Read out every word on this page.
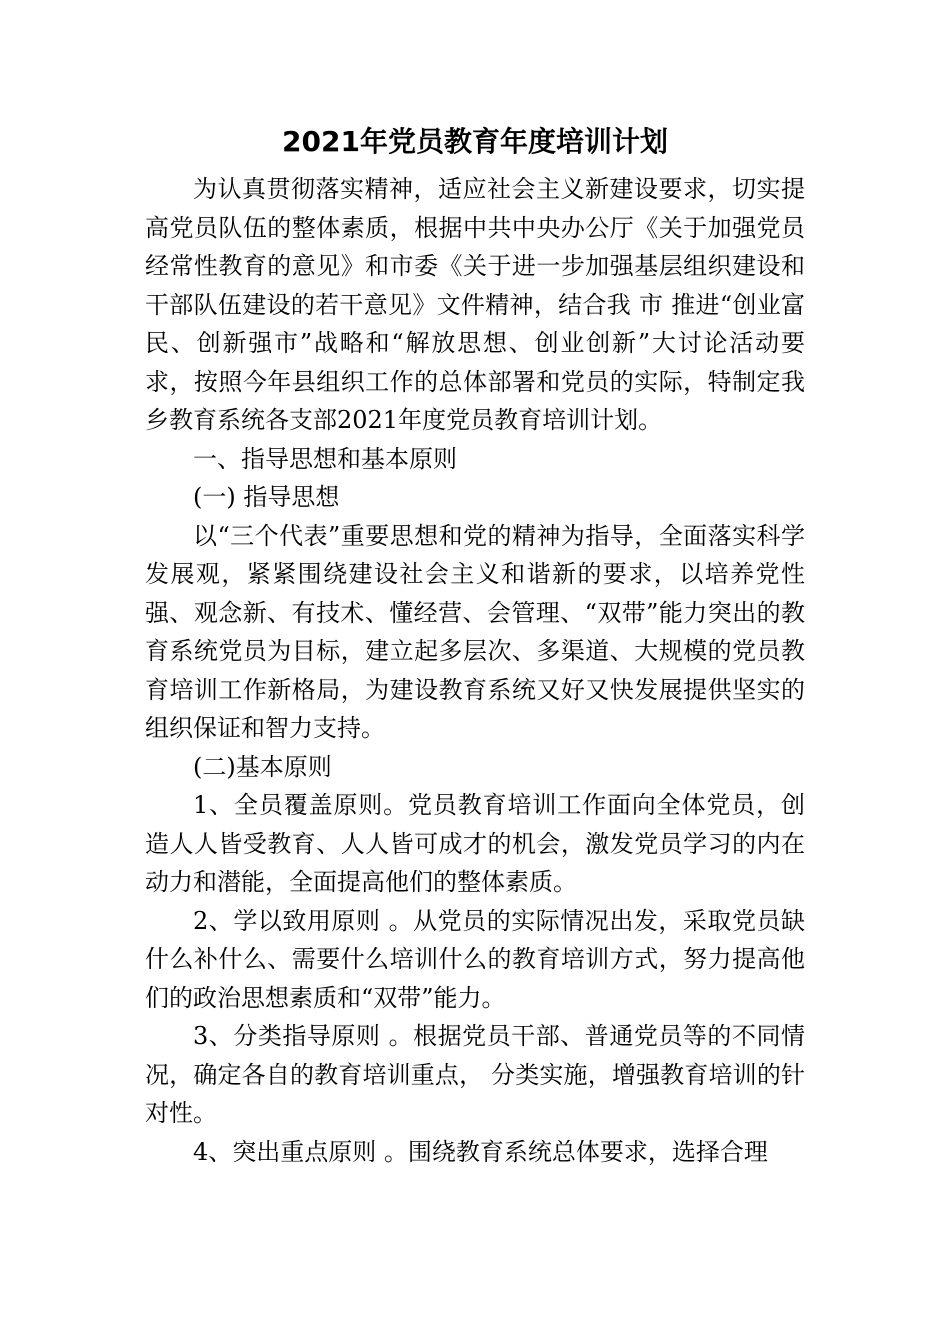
2021年党员教育年度培训计划

为认真贯彻落实精神，适应社会主义新建设要求，切实提高党员队伍的整体素质，根据中共中央办公厅《关于加强党员经常性教育的意见》和市委《关于进一步加强基层组织建设和干部队伍建设的若干意见》文件精神，结合我 市 推进“创业富民、创新强市”战略和“解放思想、创业创新”大讨论活动要求，按照今年县组织工作的总体部署和党员的实际，特制定我乡教育系统各支部2021年度党员教育培训计划。

一、指导思想和基本原则

(一) 指导思想

以“三个代表”重要思想和党的精神为指导，全面落实科学发展观，紧紧围绕建设社会主义和谐新的要求，以培养党性强、观念新、有技术、懂经营、会管理、“双带”能力突出的教育系统党员为目标，建立起多层次、多渠道、大规模的党员教育培训工作新格局，为建设教育系统又好又快发展提供坚实的组织保证和智力支持。

(二)基本原则

1、全员覆盖原则。党员教育培训工作面向全体党员，创造人人皆受教育、人人皆可成才的机会，激发党员学习的内在动力和潜能，全面提高他们的整体素质。

2、学以致用原则 。从党员的实际情况出发，采取党员缺什么补什么、需要什么培训什么的教育培训方式，努力提高他们的政治思想素质和“双带”能力。

3、分类指导原则 。根据党员干部、普通党员等的不同情况，确定各自的教育培训重点， 分类实施，增强教育培训的针对性。

4、突出重点原则 。围绕教育系统总体要求，选择合理
